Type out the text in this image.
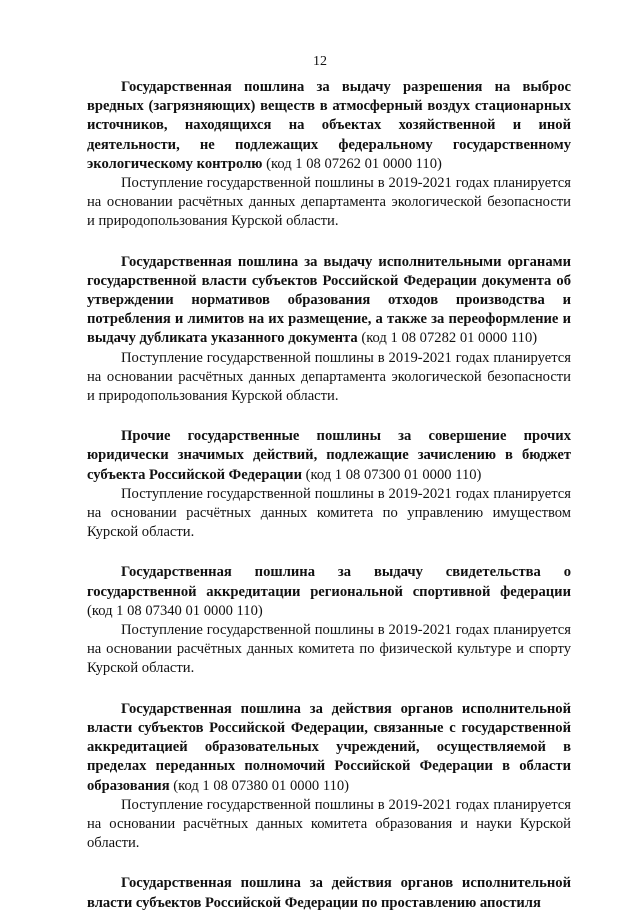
12

Государственная пошлина за выдачу разрешения на выброс вредных (загрязняющих) веществ в атмосферный воздух стационарных источников, находящихся на объектах хозяйственной и иной деятельности, не подлежащих федеральному государственному экологическому контролю (код 1 08 07262 01 0000 110)

Поступление государственной пошлины в 2019-2021 годах планируется на основании расчётных данных департамента экологической безопасности и природопользования Курской области.

Государственная пошлина за выдачу исполнительными органами государственной власти субъектов Российской Федерации документа об утверждении нормативов образования отходов производства и потребления и лимитов на их размещение, а также за переоформление и выдачу дубликата указанного документа (код 1 08 07282 01 0000 110)

Поступление государственной пошлины в 2019-2021 годах планируется на основании расчётных данных департамента экологической безопасности и природопользования Курской области.

Прочие государственные пошлины за совершение прочих юридически значимых действий, подлежащие зачислению в бюджет субъекта Российской Федерации (код 1 08 07300 01 0000 110)

Поступление государственной пошлины в 2019-2021 годах планируется на основании расчётных данных комитета по управлению имуществом Курской области.

Государственная пошлина за выдачу свидетельства о государственной аккредитации региональной спортивной федерации (код 1 08 07340 01 0000 110)

Поступление государственной пошлины в 2019-2021 годах планируется на основании расчётных данных комитета по физической культуре и спорту Курской области.

Государственная пошлина за действия органов исполнительной власти субъектов Российской Федерации, связанные с государственной аккредитацией образовательных учреждений, осуществляемой в пределах переданных полномочий Российской Федерации в области образования (код 1 08 07380 01 0000 110)

Поступление государственной пошлины в 2019-2021 годах планируется на основании расчётных данных комитета образования и науки Курской области.

Государственная пошлина за действия органов исполнительной власти субъектов Российской Федерации по проставлению апостиля
